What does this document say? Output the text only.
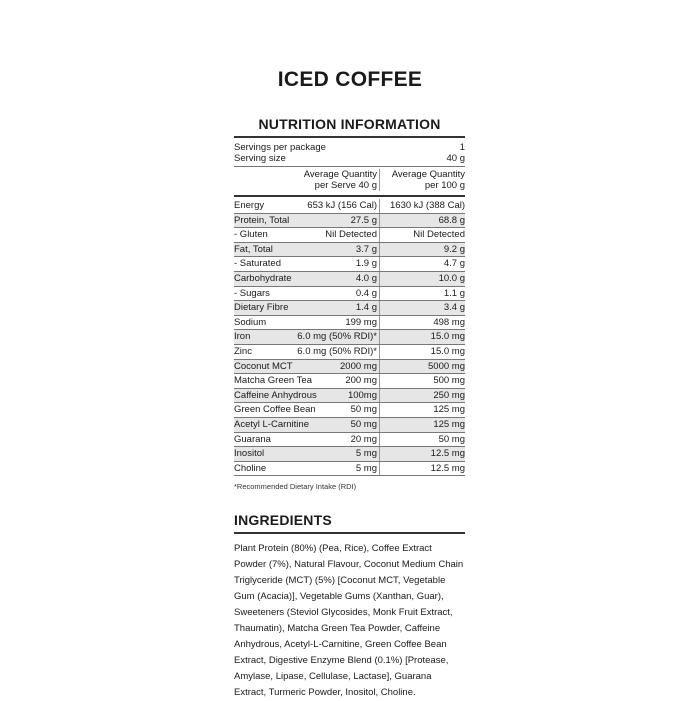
ICED COFFEE
NUTRITION INFORMATION
Servings per package	1
Serving size	40 g
Average Quantity
per Serve 40 g
Average Quantity
per 100 g
Energy	653 kJ (156 Cal)	1630 kJ (388 Cal)
Protein, Total	27.5 g	68.8 g
- Gluten	Nil Detected	Nil Detected
Fat, Total	3.7 g	9.2 g
- Saturated	1.9 g	4.7 g
Carbohydrate	4.0 g	10.0 g
- Sugars	0.4 g	1.1 g
Dietary Fibre	1.4 g	3.4 g
Sodium	199 mg	498 mg
Iron	6.0 mg (50% RDI)*	15.0 mg
Zinc	6.0 mg (50% RDI)*	15.0 mg
Coconut MCT	2000 mg	5000 mg
Matcha Green Tea	200 mg	500 mg
Caffeine Anhydrous	100mg	250 mg
Green Coffee Bean	50 mg	125 mg
Acetyl L-Carnitine	50 mg	125 mg
Guarana	20 mg	50 mg
Inositol	5 mg	12.5 mg
Choline	5 mg	12.5 mg
*Recommended Dietary Intake (RDI)
INGREDIENTS
Plant Protein (80%) (Pea, Rice), Coffee Extract Powder (7%), Natural Flavour, Coconut Medium Chain Triglyceride (MCT) (5%) [Coconut MCT, Vegetable Gum (Acacia)], Vegetable Gums (Xanthan, Guar), Sweeteners (Steviol Glycosides, Monk Fruit Extract, Thaumatin), Matcha Green Tea Powder, Caffeine Anhydrous, Acetyl-L-Carnitine, Green Coffee Bean Extract, Digestive Enzyme Blend (0.1%) [Protease, Amylase, Lipase, Cellulase, Lactase], Guarana Extract, Turmeric Powder, Inositol, Choline.
